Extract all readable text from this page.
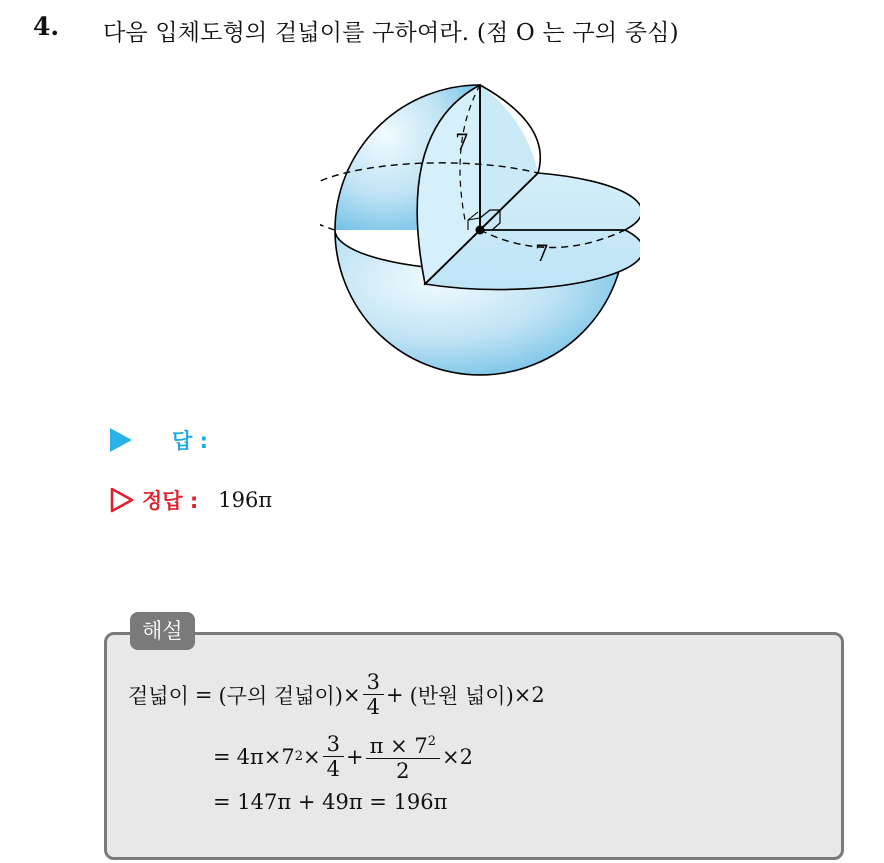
4. 다음 입체도형의 겉넓이를 구하여라. (점 O 는 구의 중심)
7
7
답 :
정답 : 196π
해설
겉넓이 = (구의 겉넓이) × $\frac{3}{4}$ + (반원 넓이) × 2
= 4π × 7 $2 \times \frac{3}{4} + \frac{\pi \times 7^2}{2} \times 2$
= 147π + 49π = 196π
